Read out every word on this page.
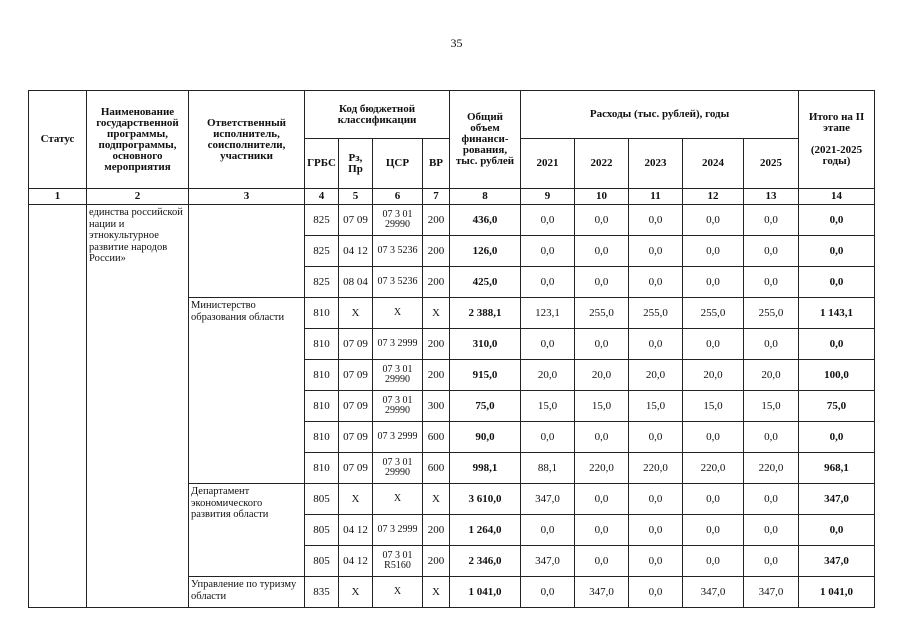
35
Статус	Наименование государственной программы, подпрограммы, основного мероприятия	Ответственный исполнитель, соисполнители, участники	Код бюджетной классификации				Общий объем финанси-рования, тыс. рублей	Расходы (тыс. рублей), годы					Итого на II этапе

(2021-2025 годы)
			ГРБС	Рз, Пр	ЦСР	ВР		2021	2022	2023	2024	2025	
1	2	3	4	5	6	7	8	9	10	11	12	13	14
	единства российской нации и этнокультурное развитие народов России»		825	07 09	07 3 01 29990	200	436,0	0,0	0,0	0,0	0,0	0,0	0,0
			825	04 12	07 3 5236	200	126,0	0,0	0,0	0,0	0,0	0,0	0,0
			825	08 04	07 3 5236	200	425,0	0,0	0,0	0,0	0,0	0,0	0,0
		Министерство образования области	810	X	X	X	2 388,1	123,1	255,0	255,0	255,0	255,0	1 143,1
			810	07 09	07 3 2999	200	310,0	0,0	0,0	0,0	0,0	0,0	0,0
			810	07 09	07 3 01 29990	200	915,0	20,0	20,0	20,0	20,0	20,0	100,0
			810	07 09	07 3 01 29990	300	75,0	15,0	15,0	15,0	15,0	15,0	75,0
			810	07 09	07 3 2999	600	90,0	0,0	0,0	0,0	0,0	0,0	0,0
			810	07 09	07 3 01 29990	600	998,1	88,1	220,0	220,0	220,0	220,0	968,1
		Департамент экономического развития области	805	X	X	X	3 610,0	347,0	0,0	0,0	0,0	0,0	347,0
			805	04 12	07 3 2999	200	1 264,0	0,0	0,0	0,0	0,0	0,0	0,0
			805	04 12	07 3 01 R5160	200	2 346,0	347,0	0,0	0,0	0,0	0,0	347,0
		Управление по туризму области	835	X	X	X	1 041,0	0,0	347,0	0,0	347,0	347,0	1 041,0
